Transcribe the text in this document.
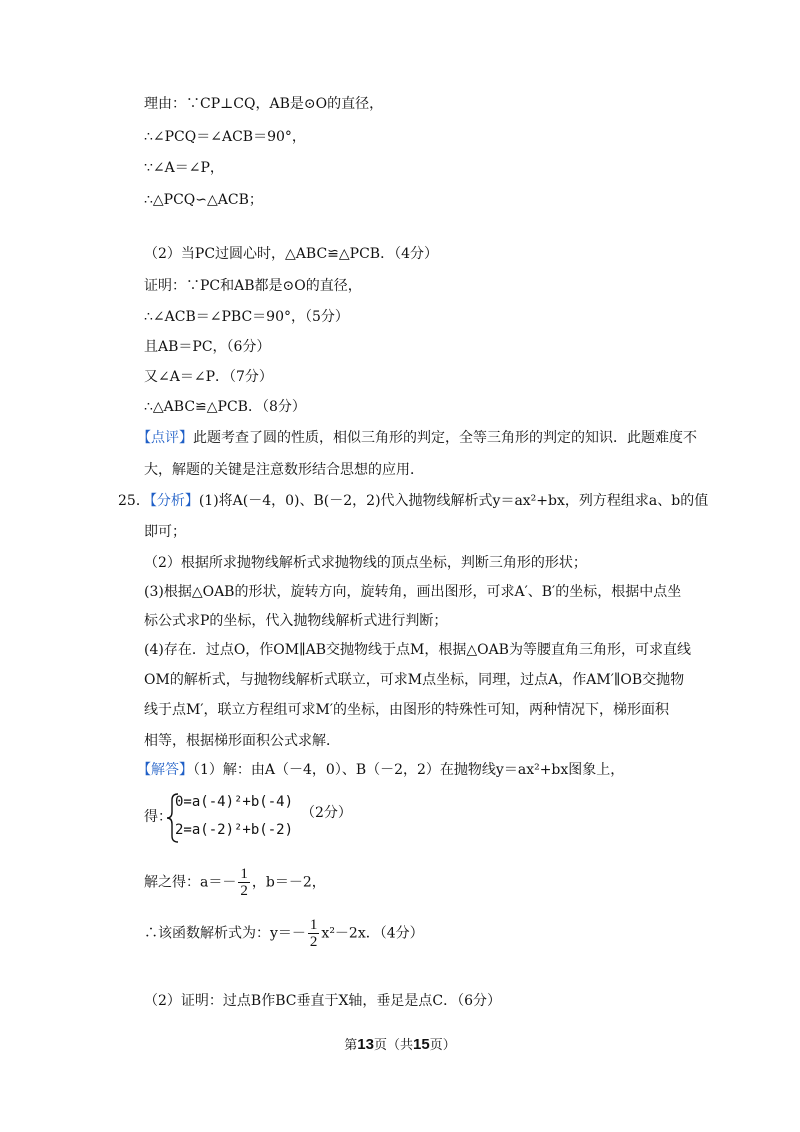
理由：∵CP⊥CQ，AB是⊙O的直径，
∴∠PCQ＝∠ACB＝90°，
∵∠A＝∠P，
∴△PCQ∽△ACB；
（2）当PC过圆心时，△ABC≌△PCB．（4分）
证明：∵PC和AB都是⊙O的直径，
∴∠ACB＝∠PBC＝90°，（5分）
且AB＝PC，（6分）
又∠A＝∠P．（7分）
∴△ABC≌△PCB．（8分）
【点评】此题考查了圆的性质，相似三角形的判定，全等三角形的判定的知识．此题难度不
大，解题的关键是注意数形结合思想的应用．
25．【分析】(1)将A(－4，0)、B(－2，2)代入抛物线解析式y＝ax²+bx，列方程组求a、b的值
即可；
（2）根据所求抛物线解析式求抛物线的顶点坐标，判断三角形的形状；
(3)根据△OAB的形状，旋转方向，旋转角，画出图形，可求A′、B′的坐标，根据中点坐
标公式求P的坐标，代入抛物线解析式进行判断；
(4)存在．过点O，作OM∥AB交抛物线于点M，根据△OAB为等腰直角三角形，可求直线
OM的解析式，与抛物线解析式联立，可求M点坐标，同理，过点A，作AM′∥OB交抛物
线于点M′，联立方程组可求M′的坐标，由图形的特殊性可知，两种情况下，梯形面积
相等，根据梯形面积公式求解．
【解答】（1）解：由A（－4，0）、B（－2，2）在抛物线y＝ax²+bx图象上，
得：
0=a(-4)²+b(-4)
2=a(-2)²+b(-2)
（2分）
解之得：$a=- \frac{1}{2}$ ，b＝－2，
∴该函数解析式为：$y=- \frac{1}{2} x^2-2x$．（4分）
（2）证明：过点B作BC垂直于X轴，垂足是点C．（6分）
第13页（共15页）
